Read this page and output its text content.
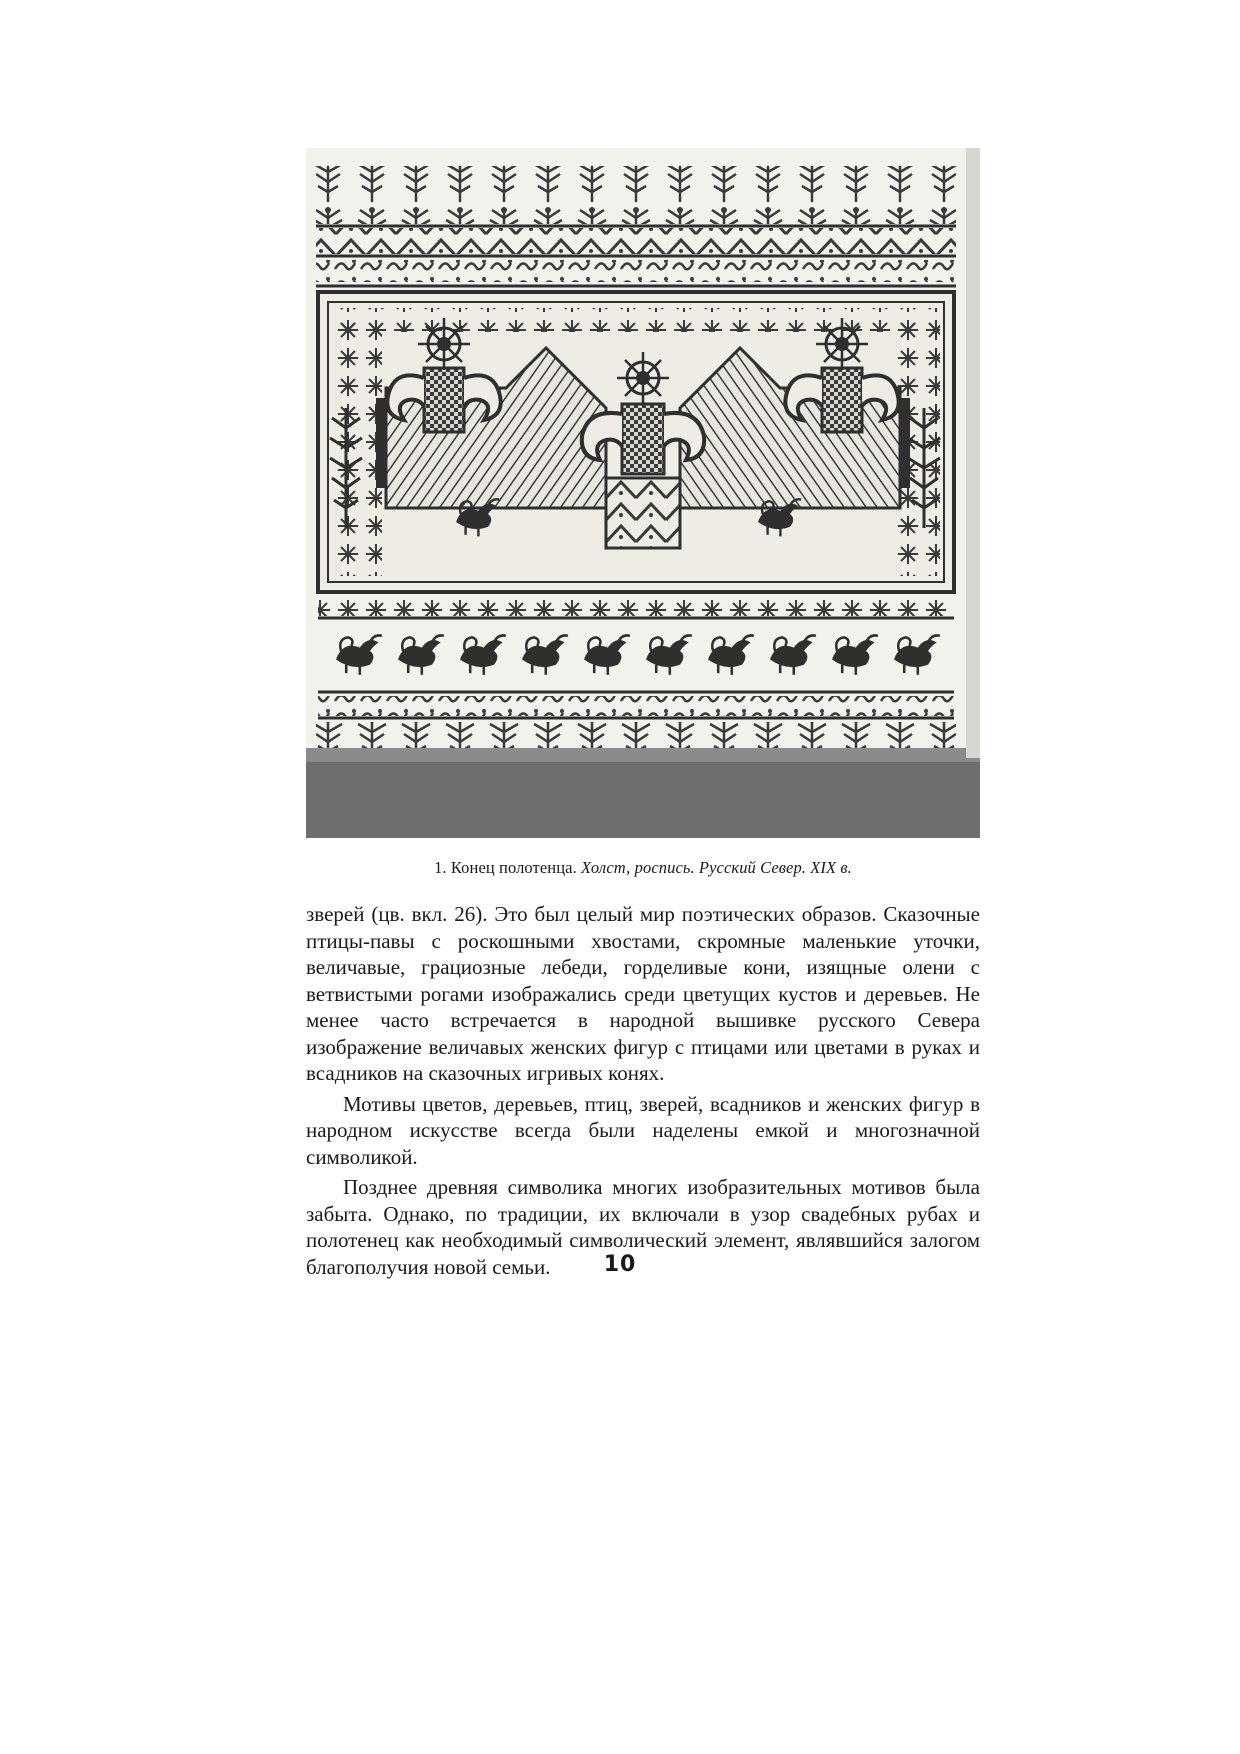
1. Конец полотенца. Холст, роспись. Русский Север. XIX в.

зверей (цв. вкл. 26). Это был целый мир поэтических образов. Сказочные птицы-павы с роскошными хвостами, скромные маленькие уточки, величавые, грациозные лебеди, горделивые кони, изящные олени с ветвистыми рогами изображались среди цветущих кустов и деревьев. Не менее часто встречается в народной вышивке русского Севера изображение величавых женских фигур с птицами или цветами в руках и всадников на сказочных игривых конях.

Мотивы цветов, деревьев, птиц, зверей, всадников и женских фигур в народном искусстве всегда были наделены емкой и многозначной символикой.

Позднее древняя символика многих изобразительных мотивов была забыта. Однако, по традиции, их включали в узор свадебных рубах и полотенец как необходимый символический элемент, являвшийся залогом благополучия новой семьи.	10
